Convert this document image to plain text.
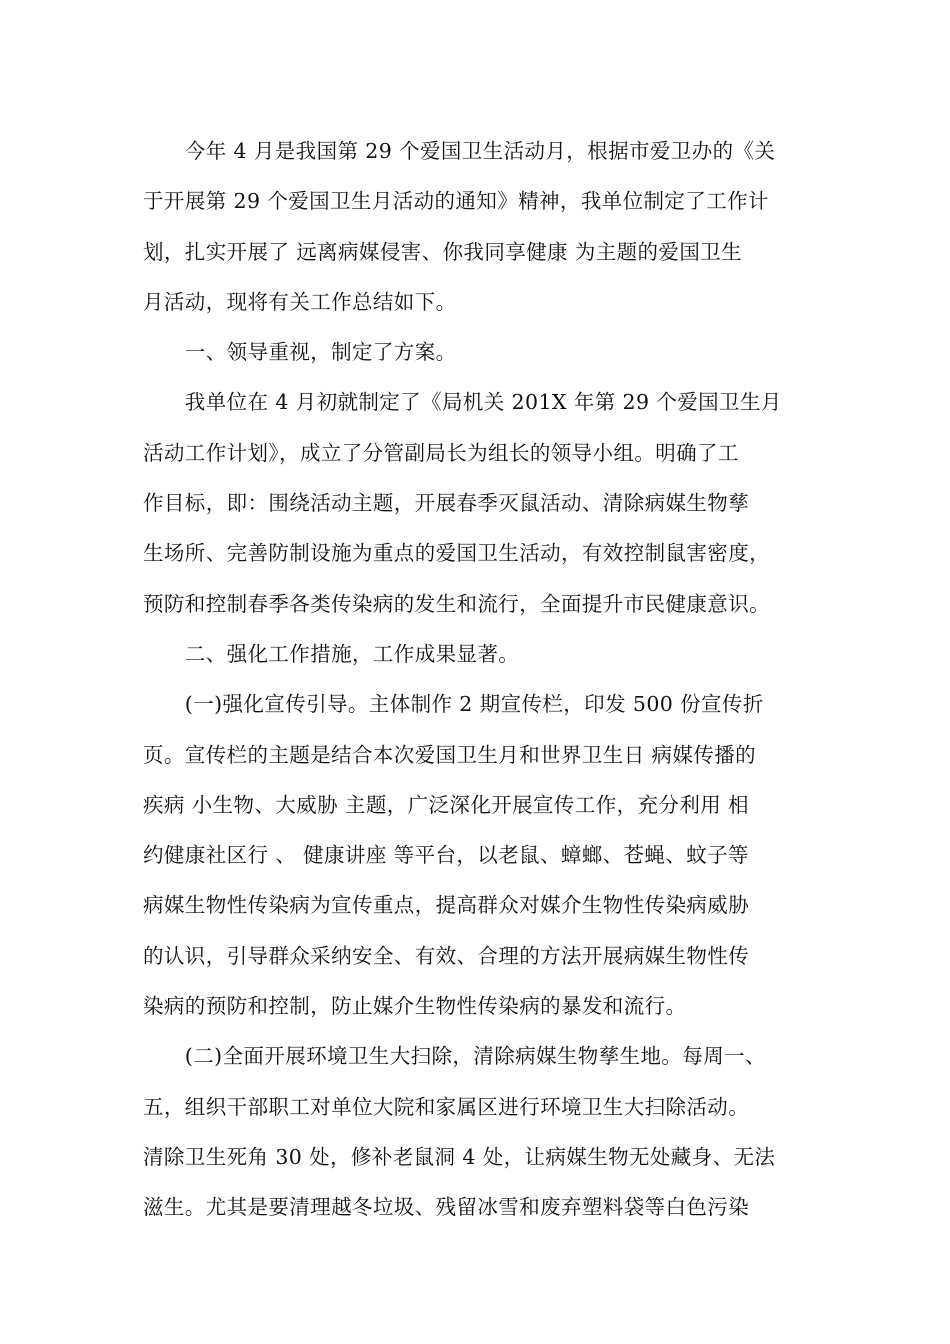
　　今年 4 月是我国第 29 个爱国卫生活动月，根据市爱卫办的《关
于开展第 29 个爱国卫生月活动的通知》精神，我单位制定了工作计
划，扎实开展了 远离病媒侵害、你我同享健康 为主题的爱国卫生
月活动，现将有关工作总结如下。
　　一、领导重视，制定了方案。
　　我单位在 4 月初就制定了《局机关 201X 年第 29 个爱国卫生月
活动工作计划》，成立了分管副局长为组长的领导小组。明确了工
作目标，即：围绕活动主题，开展春季灭鼠活动、清除病媒生物孳
生场所、完善防制设施为重点的爱国卫生活动，有效控制鼠害密度，
预防和控制春季各类传染病的发生和流行，全面提升市民健康意识。
　　二、强化工作措施，工作成果显著。
　　(一)强化宣传引导。主体制作 2 期宣传栏，印发 500 份宣传折
页。宣传栏的主题是结合本次爱国卫生月和世界卫生日 病媒传播的
疾病 小生物、大威胁 主题，广泛深化开展宣传工作，充分利用 相
约健康社区行 、 健康讲座 等平台，以老鼠、蟑螂、苍蝇、蚊子等
病媒生物性传染病为宣传重点，提高群众对媒介生物性传染病威胁
的认识，引导群众采纳安全、有效、合理的方法开展病媒生物性传
染病的预防和控制，防止媒介生物性传染病的暴发和流行。
　　(二)全面开展环境卫生大扫除，清除病媒生物孳生地。每周一、
五，组织干部职工对单位大院和家属区进行环境卫生大扫除活动。
清除卫生死角 30 处，修补老鼠洞 4 处，让病媒生物无处藏身、无法
滋生。尤其是要清理越冬垃圾、残留冰雪和废弃塑料袋等白色污染
